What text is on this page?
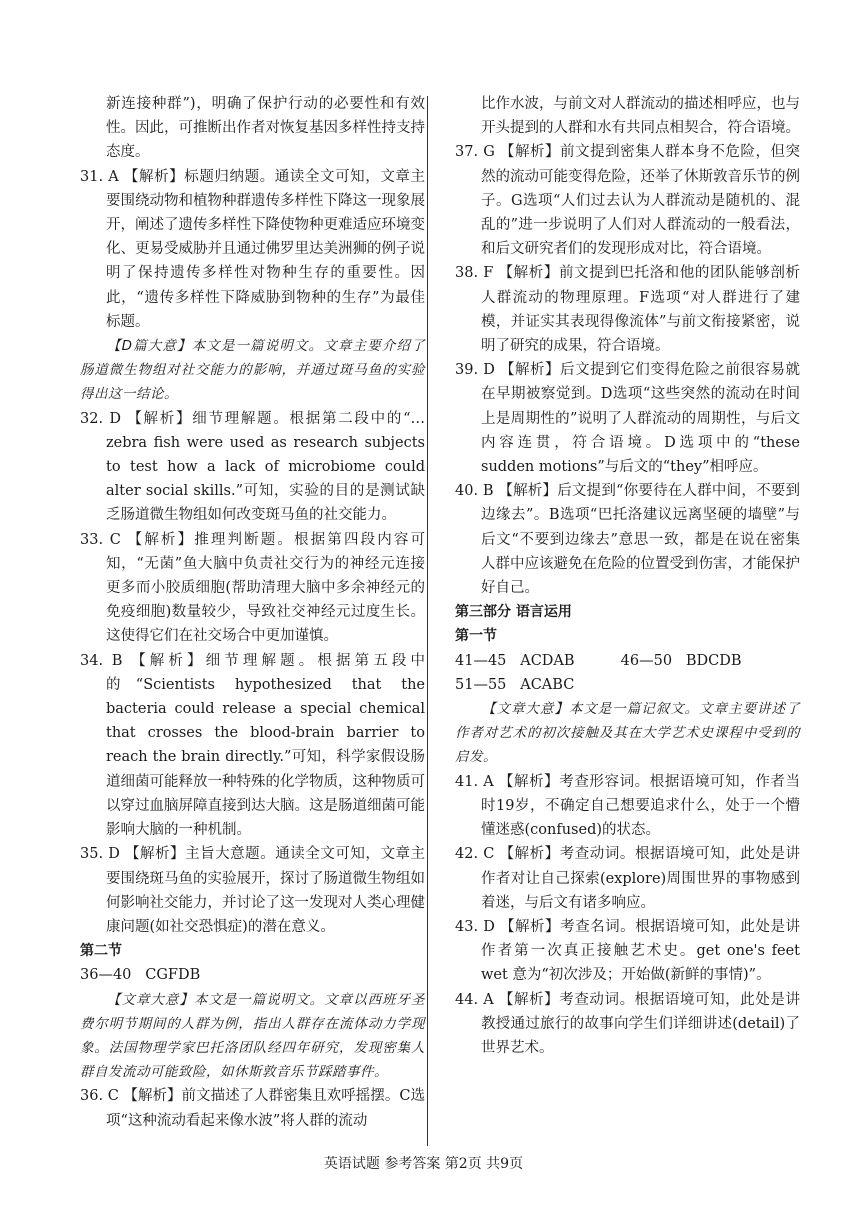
新连接种群”)，明确了保护行动的必要性和有效性。因此，可推断出作者对恢复基因多样性持支持态度。

31. A 【解析】标题归纳题。通读全文可知，文章主要围绕动物和植物种群遗传多样性下降这一现象展开，阐述了遗传多样性下降使物种更难适应环境变化、更易受威胁并且通过佛罗里达美洲狮的例子说明了保持遗传多样性对物种生存的重要性。因此，“遗传多样性下降威胁到物种的生存”为最佳标题。

【D篇大意】本文是一篇说明文。文章主要介绍了肠道微生物组对社交能力的影响，并通过斑马鱼的实验得出这一结论。

32. D 【解析】细节理解题。根据第二段中的“… zebra fish were used as research subjects to test how a lack of microbiome could alter social skills.”可知，实验的目的是测试缺乏肠道微生物组如何改变斑马鱼的社交能力。

33. C 【解析】推理判断题。根据第四段内容可知，“无菌”鱼大脑中负责社交行为的神经元连接更多而小胶质细胞(帮助清理大脑中多余神经元的免疫细胞)数量较少，导致社交神经元过度生长。这使得它们在社交场合中更加谨慎。

34. B 【解析】细节理解题。根据第五段中的“Scientists hypothesized that the bacteria could release a special chemical that crosses the blood-brain barrier to reach the brain directly.”可知，科学家假设肠道细菌可能释放一种特殊的化学物质，这种物质可以穿过血脑屏障直接到达大脑。这是肠道细菌可能影响大脑的一种机制。

35. D 【解析】主旨大意题。通读全文可知，文章主要围绕斑马鱼的实验展开，探讨了肠道微生物组如何影响社交能力，并讨论了这一发现对人类心理健康问题(如社交恐惧症)的潜在意义。

第二节

36—40   CGFDB

【文章大意】本文是一篇说明文。文章以西班牙圣费尔明节期间的人群为例，指出人群存在流体动力学现象。法国物理学家巴托洛团队经四年研究，发现密集人群自发流动可能致险，如休斯敦音乐节踩踏事件。

36. C 【解析】前文描述了人群密集且欢呼摇摆。C选项“这种流动看起来像水波”将人群的流动

比作水波，与前文对人群流动的描述相呼应，也与开头提到的人群和水有共同点相契合，符合语境。

37. G 【解析】前文提到密集人群本身不危险，但突然的流动可能变得危险，还举了休斯敦音乐节的例子。G选项“人们过去认为人群流动是随机的、混乱的”进一步说明了人们对人群流动的一般看法，和后文研究者们的发现形成对比，符合语境。

38. F 【解析】前文提到巴托洛和他的团队能够剖析人群流动的物理原理。F选项“对人群进行了建模，并证实其表现得像流体”与前文衔接紧密，说明了研究的成果，符合语境。

39. D 【解析】后文提到它们变得危险之前很容易就在早期被察觉到。D选项“这些突然的流动在时间上是周期性的”说明了人群流动的周期性，与后文内容连贯，符合语境。D选项中的“these sudden motions”与后文的“they”相呼应。

40. B 【解析】后文提到“你要待在人群中间，不要到边缘去”。B选项“巴托洛建议远离坚硬的墙壁”与后文“不要到边缘去”意思一致，都是在说在密集人群中应该避免在危险的位置受到伤害，才能保护好自己。

第三部分 语言运用

第一节

41—45   ACDAB          46—50   BDCDB

51—55   ACABC

【文章大意】本文是一篇记叙文。文章主要讲述了作者对艺术的初次接触及其在大学艺术史课程中受到的启发。

41. A 【解析】考查形容词。根据语境可知，作者当时19岁，不确定自己想要追求什么，处于一个懵懂迷惑(confused)的状态。

42. C 【解析】考查动词。根据语境可知，此处是讲作者对让自己探索(explore)周围世界的事物感到着迷，与后文有诸多响应。

43. D 【解析】考查名词。根据语境可知，此处是讲作者第一次真正接触艺术史。get one's feet wet 意为“初次涉及；开始做(新鲜的事情)”。

44. A 【解析】考查动词。根据语境可知，此处是讲教授通过旅行的故事向学生们详细讲述(detail)了世界艺术。

英语试题 参考答案 第2页 共9页
